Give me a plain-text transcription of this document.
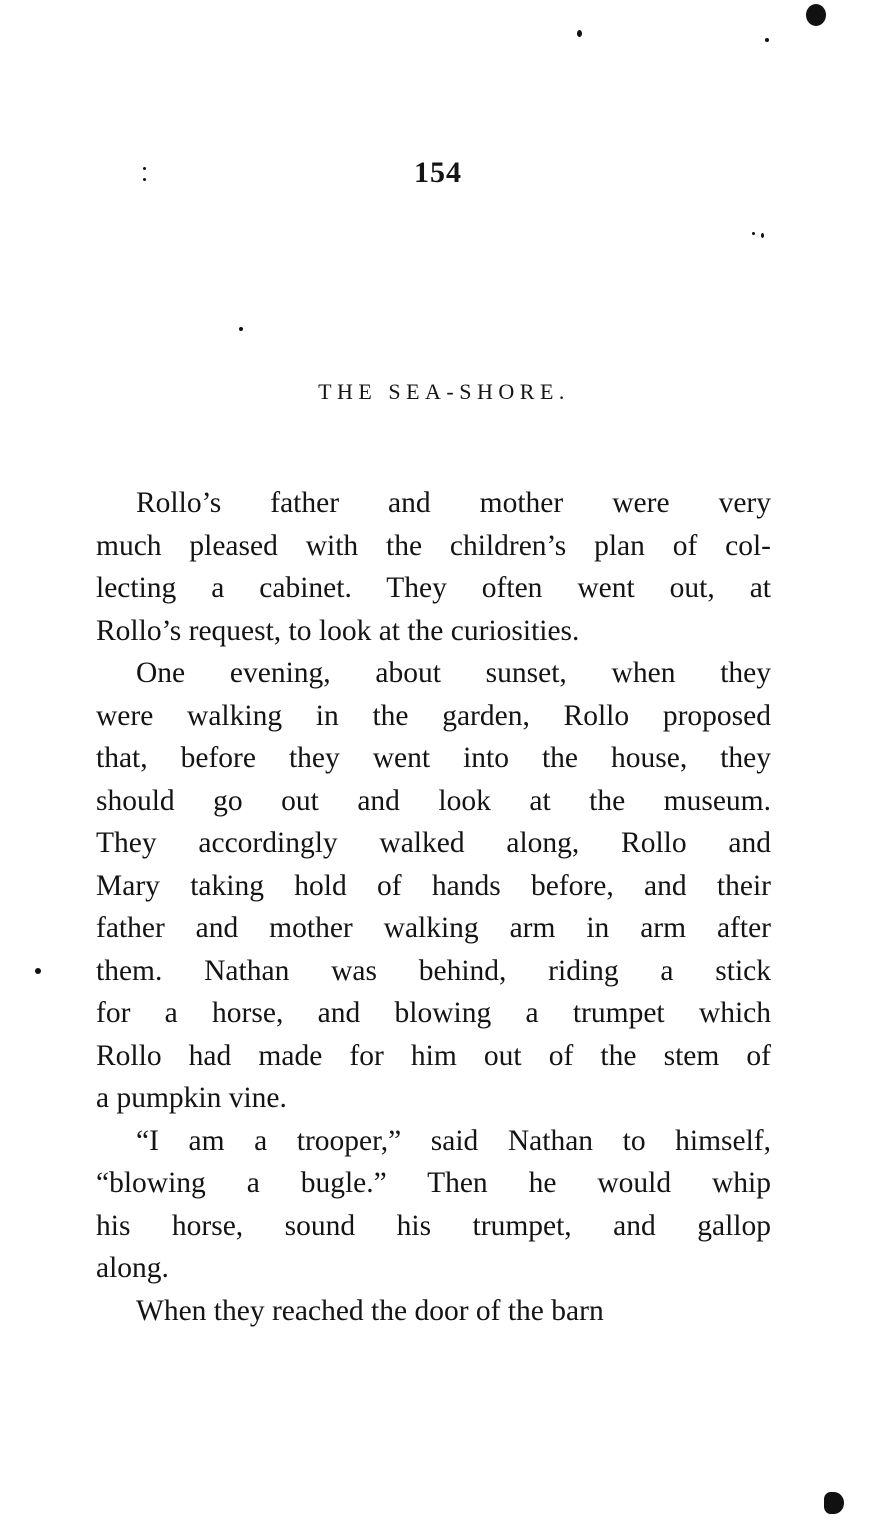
154
THE SEA-SHORE.
Rollo’s father and mother were very
much pleased with the children’s plan of col-
lecting a cabinet. They often went out, at
Rollo’s request, to look at the curiosities.
One evening, about sunset, when they
were walking in the garden, Rollo proposed
that, before they went into the house, they
should go out and look at the museum.
They accordingly walked along, Rollo and
Mary taking hold of hands before, and their
father and mother walking arm in arm after
them. Nathan was behind, riding a stick
for a horse, and blowing a trumpet which
Rollo had made for him out of the stem of
a pumpkin vine.
“I am a trooper,” said Nathan to himself,
“blowing a bugle.” Then he would whip
his horse, sound his trumpet, and gallop
along.
When they reached the door of the barn
